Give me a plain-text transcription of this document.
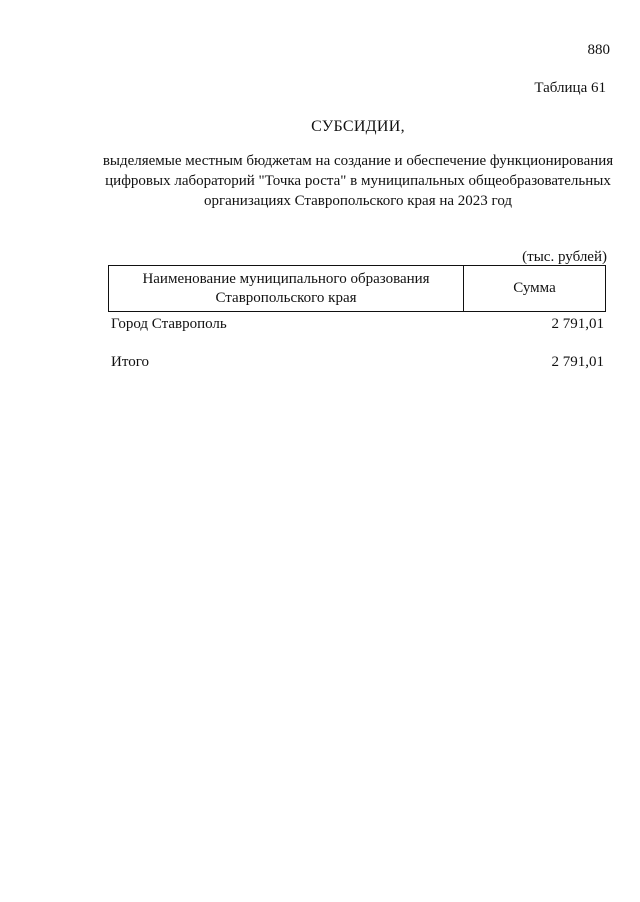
880
Таблица 61
СУБСИДИИ,
выделяемые местным бюджетам на создание и обеспечение функционирования цифровых лабораторий "Точка роста" в муниципальных общеобразовательных организациях Ставропольского края на 2023 год
(тыс. рублей)
Наименование муниципального образования Ставропольского края
Сумма
Город Ставрополь	2 791,01
Итого	2 791,01
